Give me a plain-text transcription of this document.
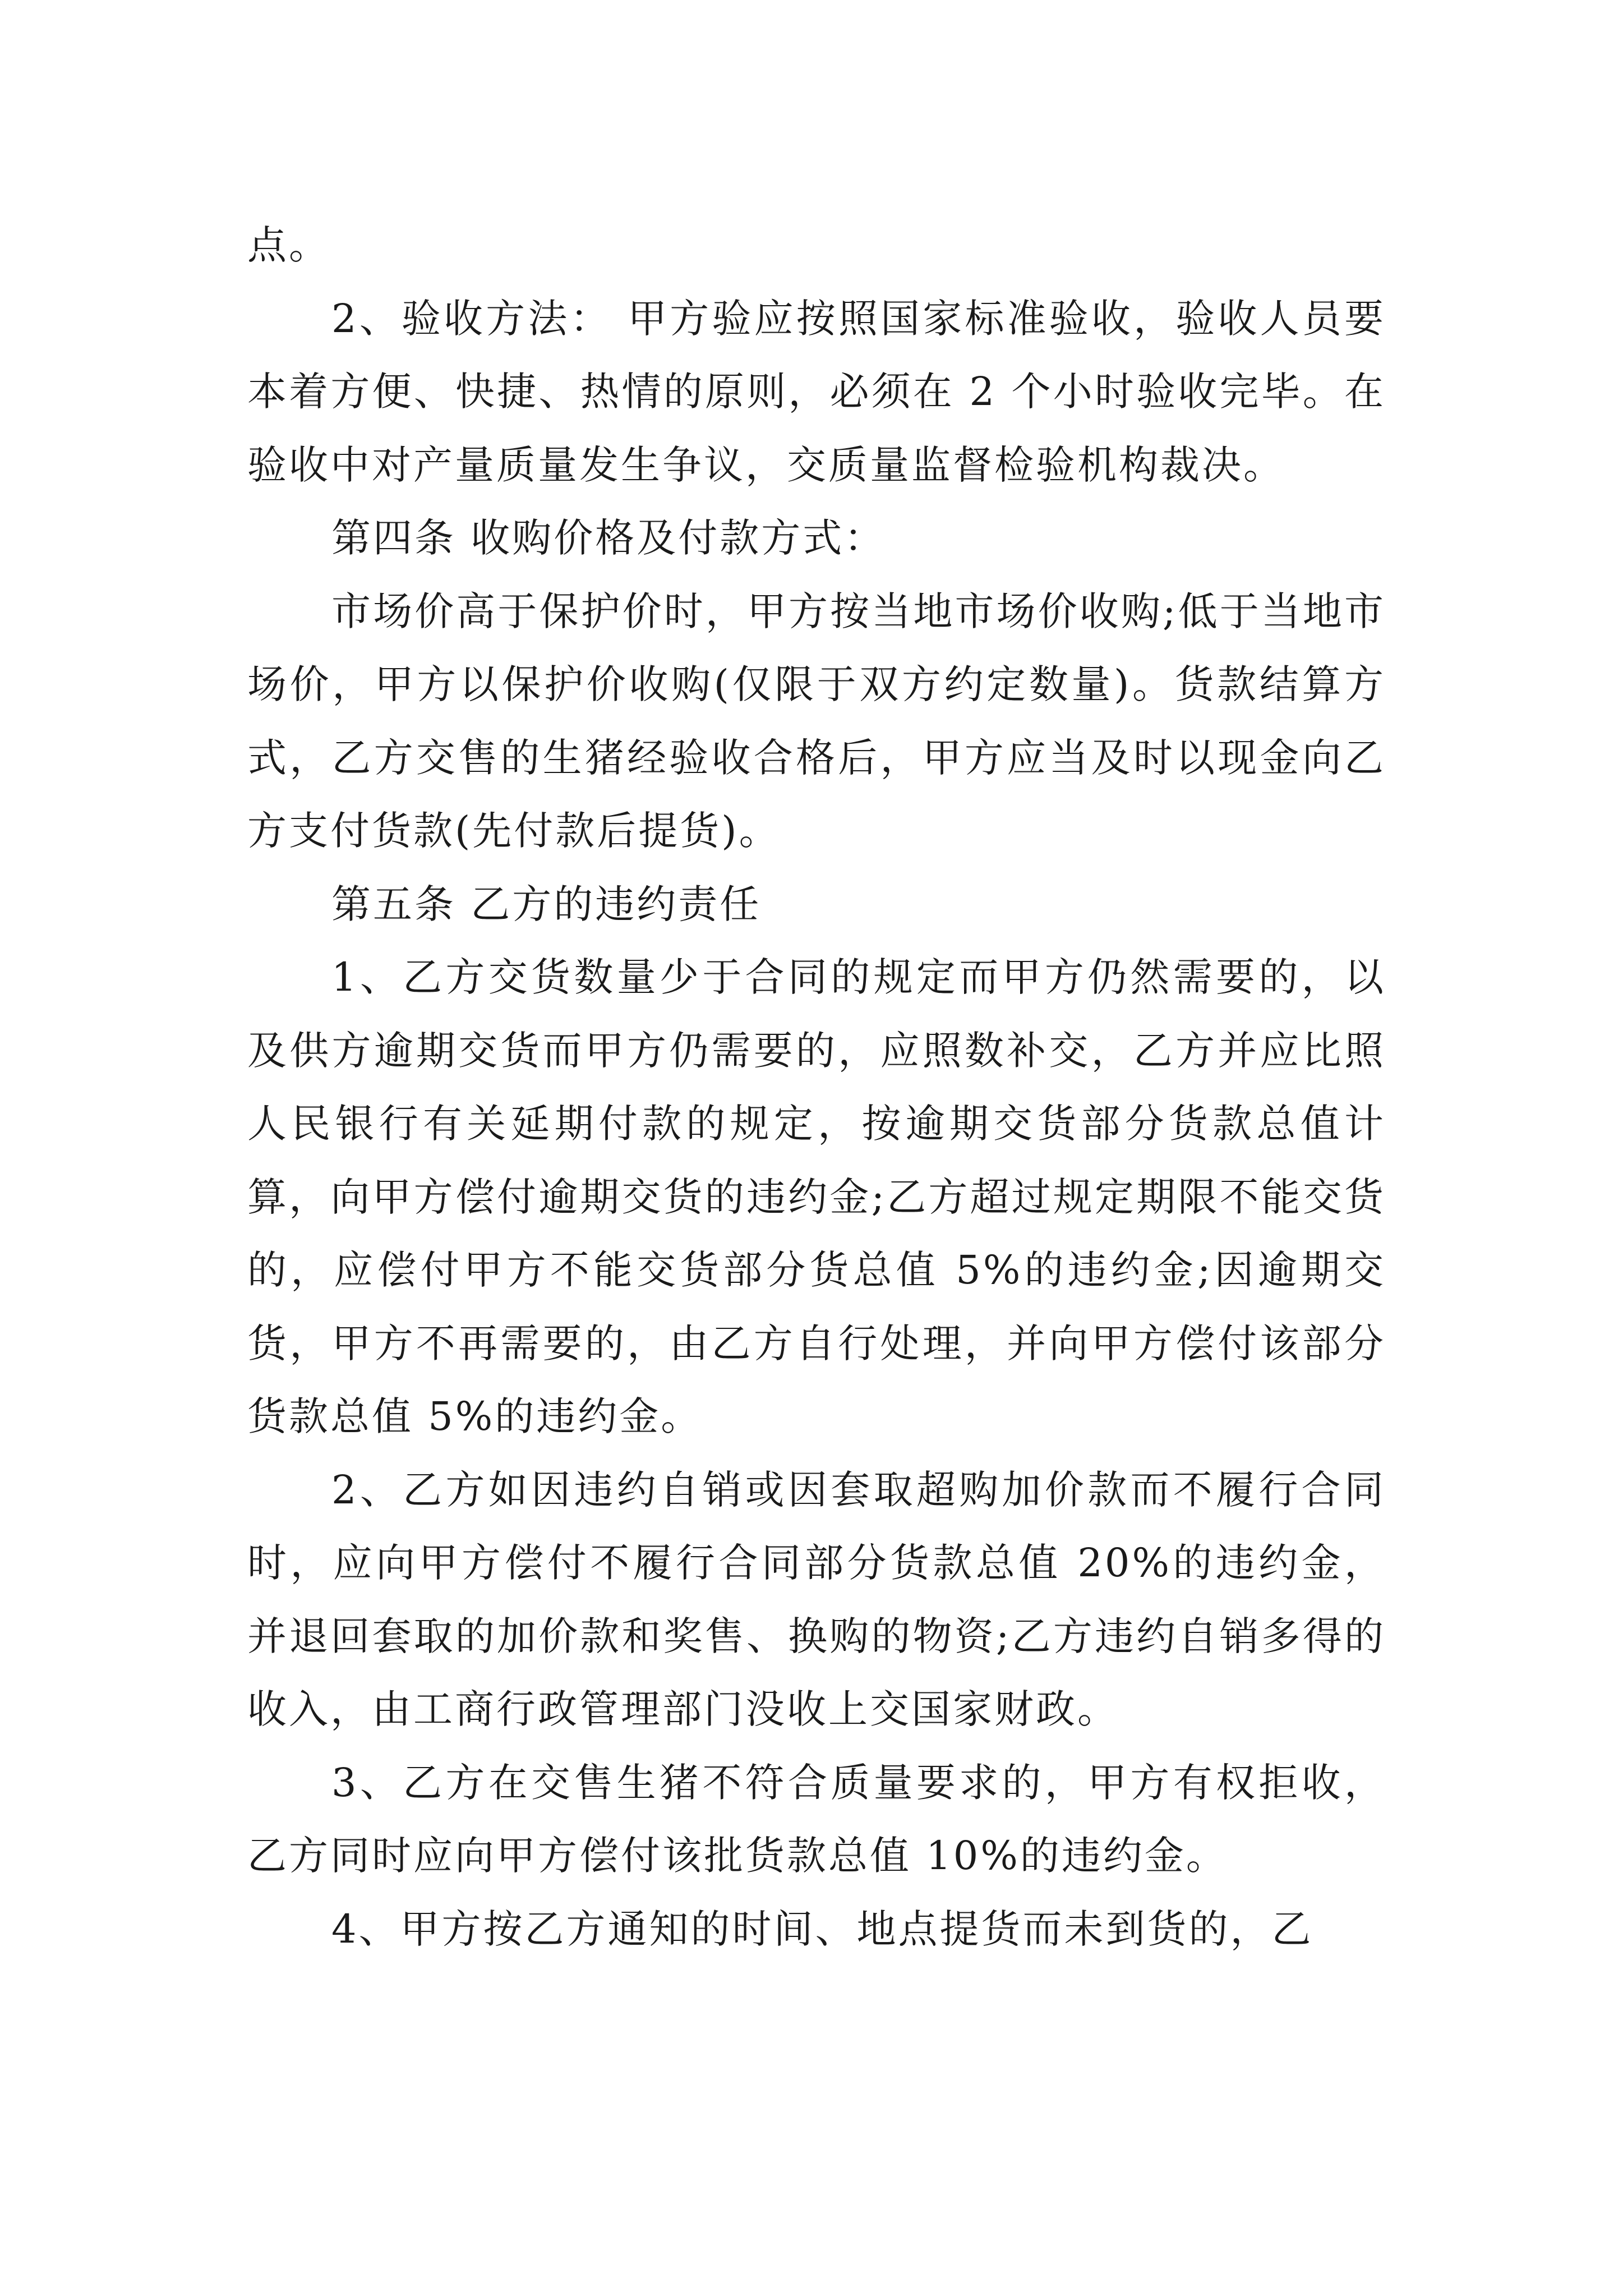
点。

2、验收方法： 甲方验应按照国家标准验收，验收人员要本着方便、快捷、热情的原则，必须在 2 个小时验收完毕。在验收中对产量质量发生争议，交质量监督检验机构裁决。

第四条 收购价格及付款方式：

市场价高于保护价时，甲方按当地市场价收购;低于当地市场价，甲方以保护价收购(仅限于双方约定数量)。货款结算方式，乙方交售的生猪经验收合格后，甲方应当及时以现金向乙方支付货款(先付款后提货)。

第五条 乙方的违约责任

1、乙方交货数量少于合同的规定而甲方仍然需要的，以及供方逾期交货而甲方仍需要的，应照数补交，乙方并应比照人民银行有关延期付款的规定，按逾期交货部分货款总值计算，向甲方偿付逾期交货的违约金;乙方超过规定期限不能交货的，应偿付甲方不能交货部分货总值 5%的违约金;因逾期交货，甲方不再需要的，由乙方自行处理，并向甲方偿付该部分货款总值 5%的违约金。

2、乙方如因违约自销或因套取超购加价款而不履行合同时，应向甲方偿付不履行合同部分货款总值 20%的违约金，并退回套取的加价款和奖售、换购的物资;乙方违约自销多得的收入，由工商行政管理部门没收上交国家财政。

3、乙方在交售生猪不符合质量要求的，甲方有权拒收，乙方同时应向甲方偿付该批货款总值 10%的违约金。

4、甲方按乙方通知的时间、地点提货而未到货的，乙
